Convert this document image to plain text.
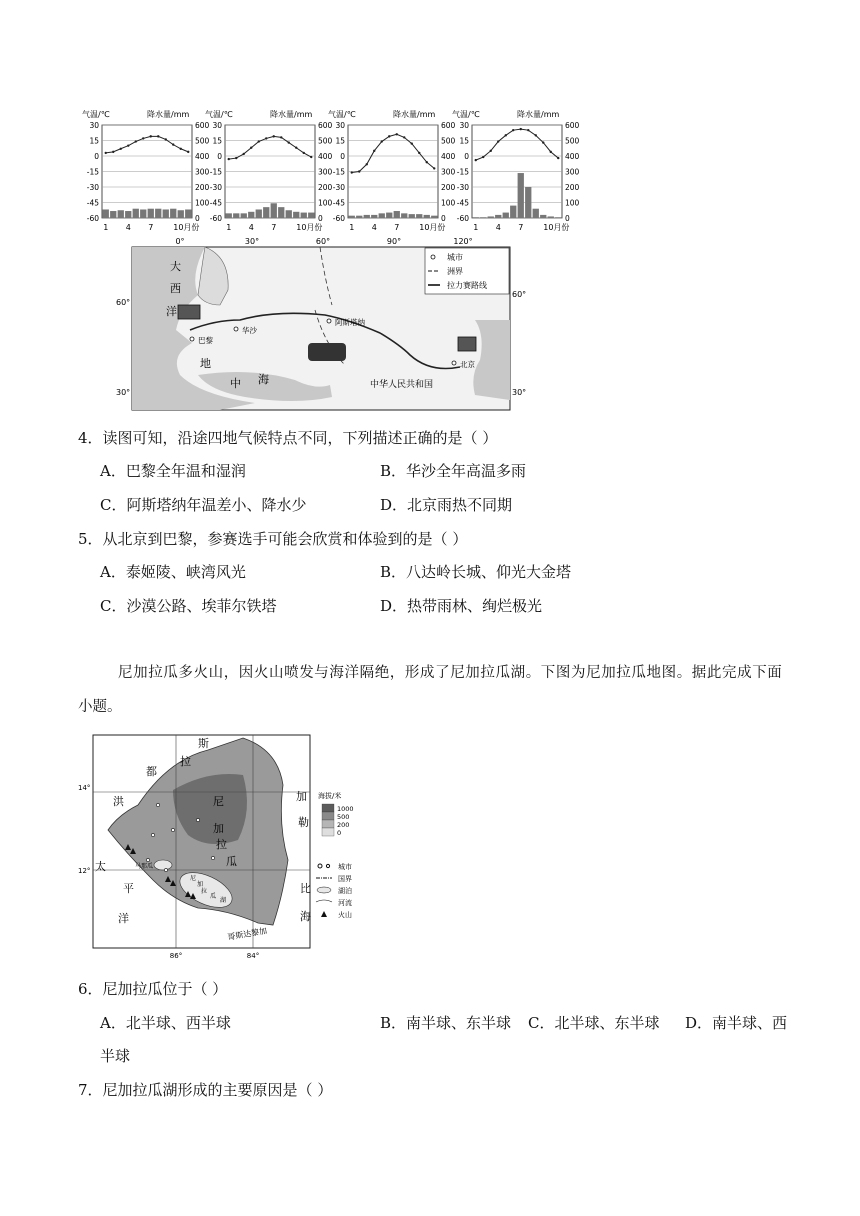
气温/℃	降水量/mm
30	600
15	500
0	400
-15	300
-30	200
-45	100
-60	0
1 4 7 10月份
气温/℃	降水量/mm
30	600
15	500
0	400
-15	300
-30	200
-45	100
-60	0
1 4 7 10月份
气温/℃	降水量/mm
30	600
15	500
0	400
-15	300
-30	200
-45	100
-60	0
1 4 7 10月份
气温/℃	降水量/mm
30	600
15	500
0	400
-15	300
-30	200
-45	100
-60	0
1 4 7 10月份
0°	30°	60°	90°	120°
60°
30°
60°
30°
大
西
洋
地
中 海
巴黎
华沙
阿斯塔纳
北京
中华人民共和国
城市
洲界
拉力赛路线
4．读图可知，沿途四地气候特点不同，下列描述正确的是（ ）
A．巴黎全年温和湿润	B．华沙全年高温多雨
C．阿斯塔纳年温差小、降水少	D．北京雨热不同期
5．从北京到巴黎，参赛选手可能会欣赏和体验到的是（ ）
A．泰姬陵、峡湾风光	B．八达岭长城、仰光大金塔
C．沙漠公路、埃菲尔铁塔	D．热带雨林、绚烂极光
尼加拉瓜多火山，因火山喷发与海洋隔绝，形成了尼加拉瓜湖。下图为尼加拉瓜地图。据此完成下面
小题。
14°
12°
86°	84°
斯
都
拉
尼
加
拉
瓜
洪	加
勒
比
海
太
平
洋
尼
加
拉
瓜
湖
马那瓜
哥斯达黎加
海拔/米
1000
500
200
0
城市
国界
湖泊
河流
火山
6．尼加拉瓜位于（ ）
A．北半球、西半球	B．南半球、东半球 C．北半球、东半球 D．南半球、西
半球
7．尼加拉瓜湖形成的主要原因是（ ）
